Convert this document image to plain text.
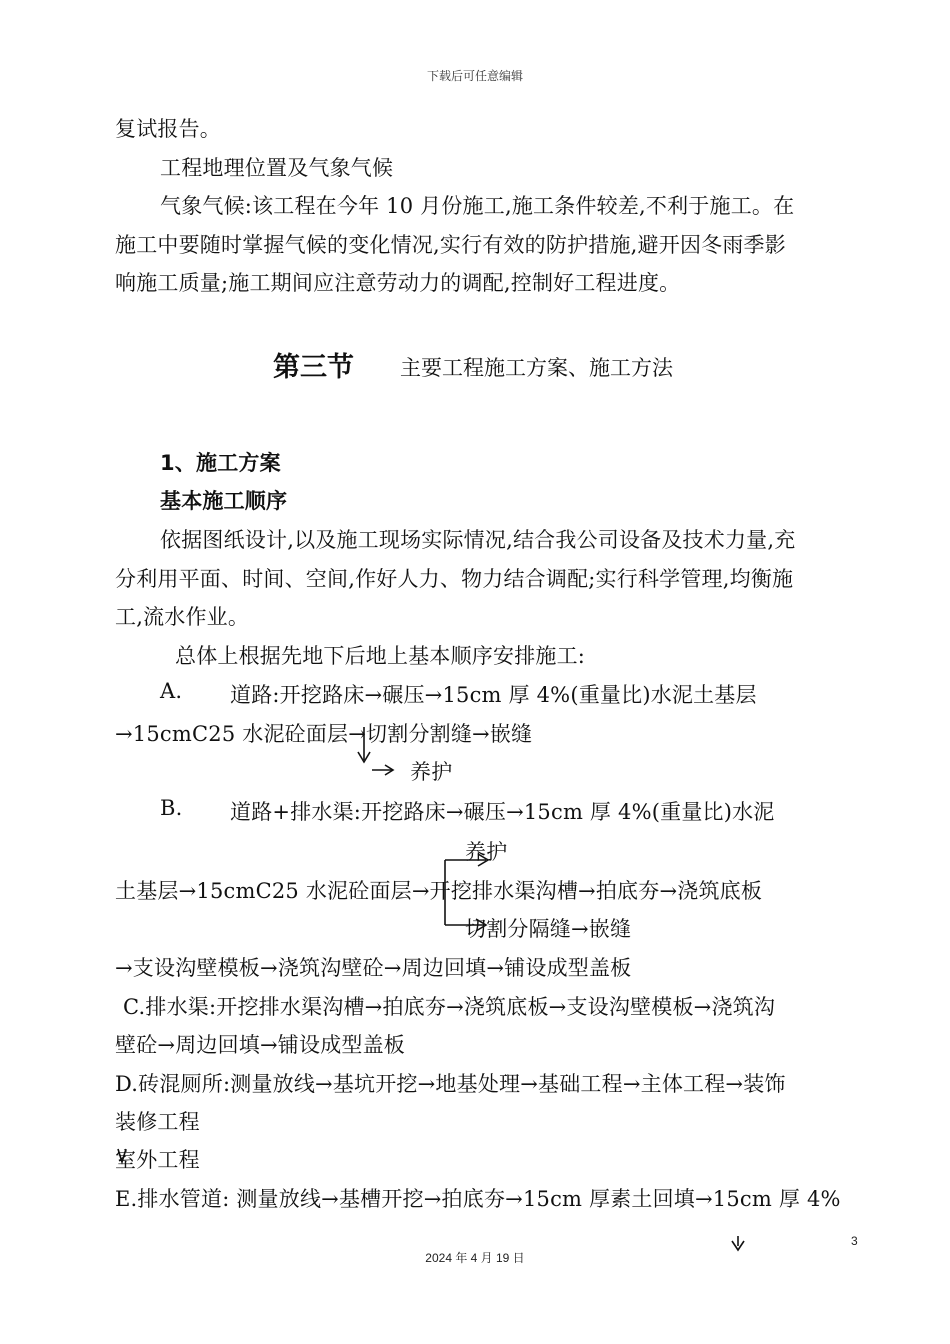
下载后可任意编辑
复试报告。
工程地理位置及气象气候
气象气候:该工程在今年 10 月份施工,施工条件较差,不利于施工。在
施工中要随时掌握气候的变化情况,实行有效的防护措施,避开因冬雨季影
响施工质量;施工期间应注意劳动力的调配,控制好工程进度。
第三节 主要工程施工方案、施工方法
1、施工方案
基本施工顺序
依据图纸设计,以及施工现场实际情况,结合我公司设备及技术力量,充
分利用平面、时间、空间,作好人力、物力结合调配;实行科学管理,均衡施
工,流水作业。
总体上根据先地下后地上基本顺序安排施工:
A. 道路:开挖路床→碾压→15cm 厚 4%(重量比)水泥土基层
→15cmC25 水泥砼面层→切割分割缝→嵌缝
养护
B. 道路+排水渠:开挖路床→碾压→15cm 厚 4%(重量比)水泥
养护
土基层→15cmC25 水泥砼面层→开挖排水渠沟槽→拍底夯→浇筑底板
切割分隔缝→嵌缝
→支设沟壁模板→浇筑沟壁砼→周边回填→铺设成型盖板
C.排水渠:开挖排水渠沟槽→拍底夯→浇筑底板→支设沟壁模板→浇筑沟
壁砼→周边回填→铺设成型盖板
D.砖混厕所:测量放线→基坑开挖→地基处理→基础工程→主体工程→装饰
装修工程
室外工程
E.排水管道: 测量放线→基槽开挖→拍底夯→15cm 厚素土回填→15cm 厚 4%
2024 年 4 月 19 日
3
